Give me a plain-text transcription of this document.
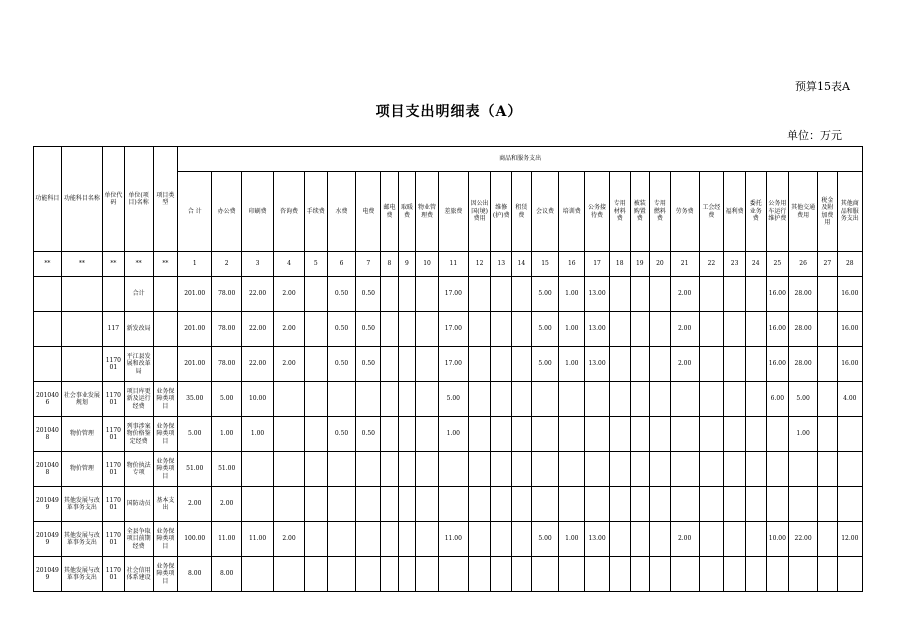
预算15表A
项目支出明细表（A）
单位：万元
功能科目	功能科目名称	单位代码	单位(项目)名称	项目类型	商品和服务支出																											
					合 计	办公费	印刷费	咨询费	手续费	水费	电费	邮电费	取暖费	物业管理费	差旅费	因公出国(境)费用	维修(护)费	租赁费	会议费	培训费	公务接待费	专用材料费	被装购置费	专用燃料费	劳务费	工会经费	福利费	委托业务费	公务用车运行维护费	其他交通费用	税金及附加费用	其他商品和服务支出
**	**	**	**	**	1	2	3	4	5	6	7	8	9	10	11	12	13	14	15	16	17	18	19	20	21	22	23	24	25	26	27	28
			合计		201.00	78.00	22.00	2.00		0.50	0.50				17.00				5.00	1.00	13.00				2.00				16.00	28.00		16.00
		117	新发改局		201.00	78.00	22.00	2.00		0.50	0.50				17.00				5.00	1.00	13.00				2.00				16.00	28.00		16.00
		117001	平江县发展和改革局		201.00	78.00	22.00	2.00		0.50	0.50				17.00				5.00	1.00	13.00				2.00				16.00	28.00		16.00
2010406	社会事业发展规划	117001	项目库更新及运行经费	业务保障类项目	35.00	5.00	10.00								5.00														6.00	5.00		4.00
2010408	物价管理	117001	列事涉案物价格鉴定经费	业务保障类项目	5.00	1.00	1.00			0.50	0.50				1.00															1.00		
2010408	物价管理	117001	物价执法专项	业务保障类项目	51.00	51.00																										
2010499	其他发展与改革事务支出	117001	国防动员	基本支出	2.00	2.00																										
2010499	其他发展与改革事务支出	117001	全县争取项目前期经费	业务保障类项目	100.00	11.00	11.00	2.00							11.00				5.00	1.00	13.00				2.00				10.00	22.00		12.00
2010499	其他发展与改革事务支出	117001	社会信用体系建设	业务保障类项目	8.00	8.00																										
